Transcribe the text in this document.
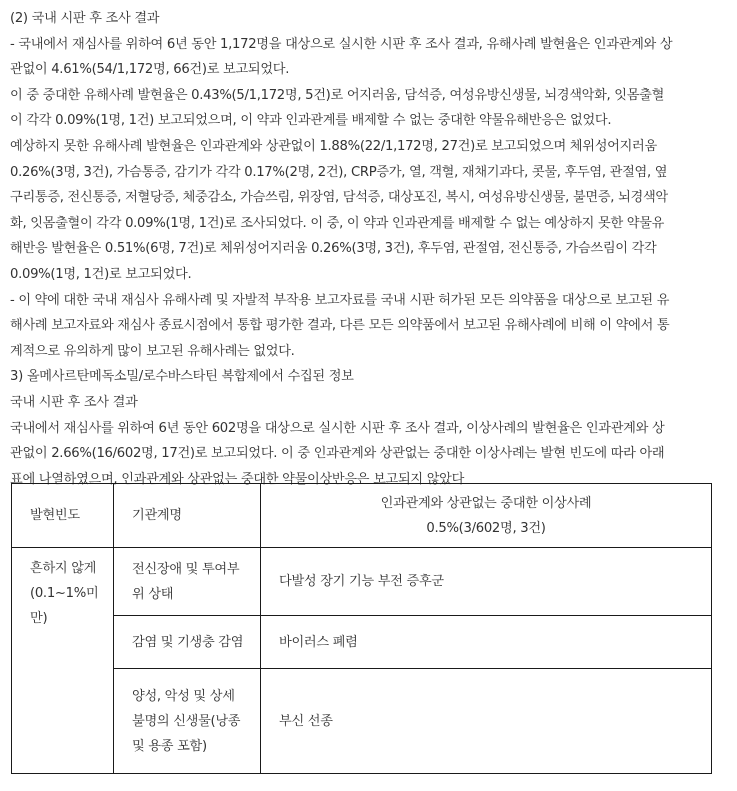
(2) 국내 시판 후 조사 결과
- 국내에서 재심사를 위하여 6년 동안 1,172명을 대상으로 실시한 시판 후 조사 결과, 유해사례 발현율은 인과관계와 상
관없이 4.61%(54/1,172명, 66건)로 보고되었다.
이 중 중대한 유해사례 발현율은 0.43%(5/1,172명, 5건)로 어지러움, 담석증, 여성유방신생물, 뇌경색악화, 잇몸출혈
이 각각 0.09%(1명, 1건) 보고되었으며, 이 약과 인과관계를 배제할 수 없는 중대한 약물유해반응은 없었다.
예상하지 못한 유해사례 발현율은 인과관계와 상관없이 1.88%(22/1,172명, 27건)로 보고되었으며 체위성어지러움
0.26%(3명, 3건), 가슴통증, 감기가 각각 0.17%(2명, 2건), CRP증가, 열, 객혈, 재채기과다, 콧물, 후두염, 관절염, 옆
구리통증, 전신통증, 저혈당증, 체중감소, 가슴쓰림, 위장염, 담석증, 대상포진, 복시, 여성유방신생물, 불면증, 뇌경색악
화, 잇몸출혈이 각각 0.09%(1명, 1건)로 조사되었다. 이 중, 이 약과 인과관계를 배제할 수 없는 예상하지 못한 약물유
해반응 발현율은 0.51%(6명, 7건)로 체위성어지러움 0.26%(3명, 3건), 후두염, 관절염, 전신통증, 가슴쓰림이 각각
0.09%(1명, 1건)로 보고되었다.
- 이 약에 대한 국내 재심사 유해사례 및 자발적 부작용 보고자료를 국내 시판 허가된 모든 의약품을 대상으로 보고된 유
해사례 보고자료와 재심사 종료시점에서 통합 평가한 결과, 다른 모든 의약품에서 보고된 유해사례에 비해 이 약에서 통
계적으로 유의하게 많이 보고된 유해사례는 없었다.
3) 올메사르탄메독소밀/로수바스타틴 복합제에서 수집된 정보
국내 시판 후 조사 결과
국내에서 재심사를 위하여 6년 동안 602명을 대상으로 실시한 시판 후 조사 결과, 이상사례의 발현율은 인과관계와 상
관없이 2.66%(16/602명, 17건)로 보고되었다. 이 중 인과관계와 상관없는 중대한 이상사례는 발현 빈도에 따라 아래
표에 나열하였으며, 인과관계와 상관없는 중대한 약물이상반응은 보고되지 않았다
발현빈도	기관계명	인과관계와 상관없는 중대한 이상사례
0.5%(3/602명, 3건)

흔하지 않게 (0.1~1%미만)	전신장애 및 투여부위 상태	다발성 장기 기능 부전 증후군
	감염 및 기생충 감염	바이러스 폐렴
	양성, 악성 및 상세불명의 신생물(낭종 및 용종 포함)	부신 선종
